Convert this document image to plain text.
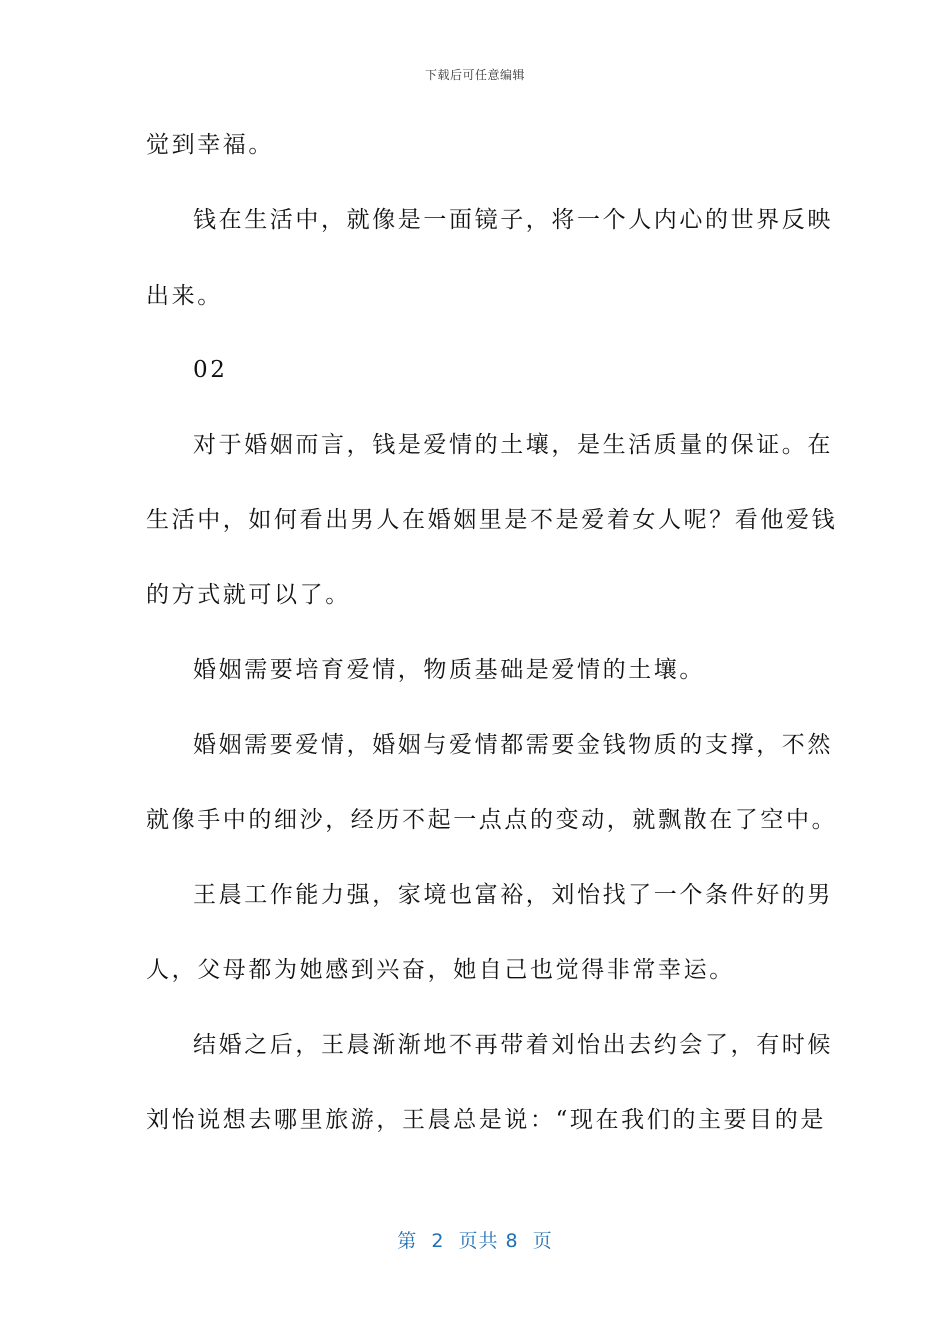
下载后可任意编辑
觉到幸福。
钱在生活中，就像是一面镜子，将一个人内心的世界反映
出来。
02
对于婚姻而言，钱是爱情的土壤，是生活质量的保证。在
生活中，如何看出男人在婚姻里是不是爱着女人呢？看他爱钱
的方式就可以了。
婚姻需要培育爱情，物质基础是爱情的土壤。
婚姻需要爱情，婚姻与爱情都需要金钱物质的支撑，不然
就像手中的细沙，经历不起一点点的变动，就飘散在了空中。
王晨工作能力强，家境也富裕，刘怡找了一个条件好的男
人，父母都为她感到兴奋，她自己也觉得非常幸运。
结婚之后，王晨渐渐地不再带着刘怡出去约会了，有时候
刘怡说想去哪里旅游，王晨总是说：“现在我们的主要目的是
第  2  页共 8  页
